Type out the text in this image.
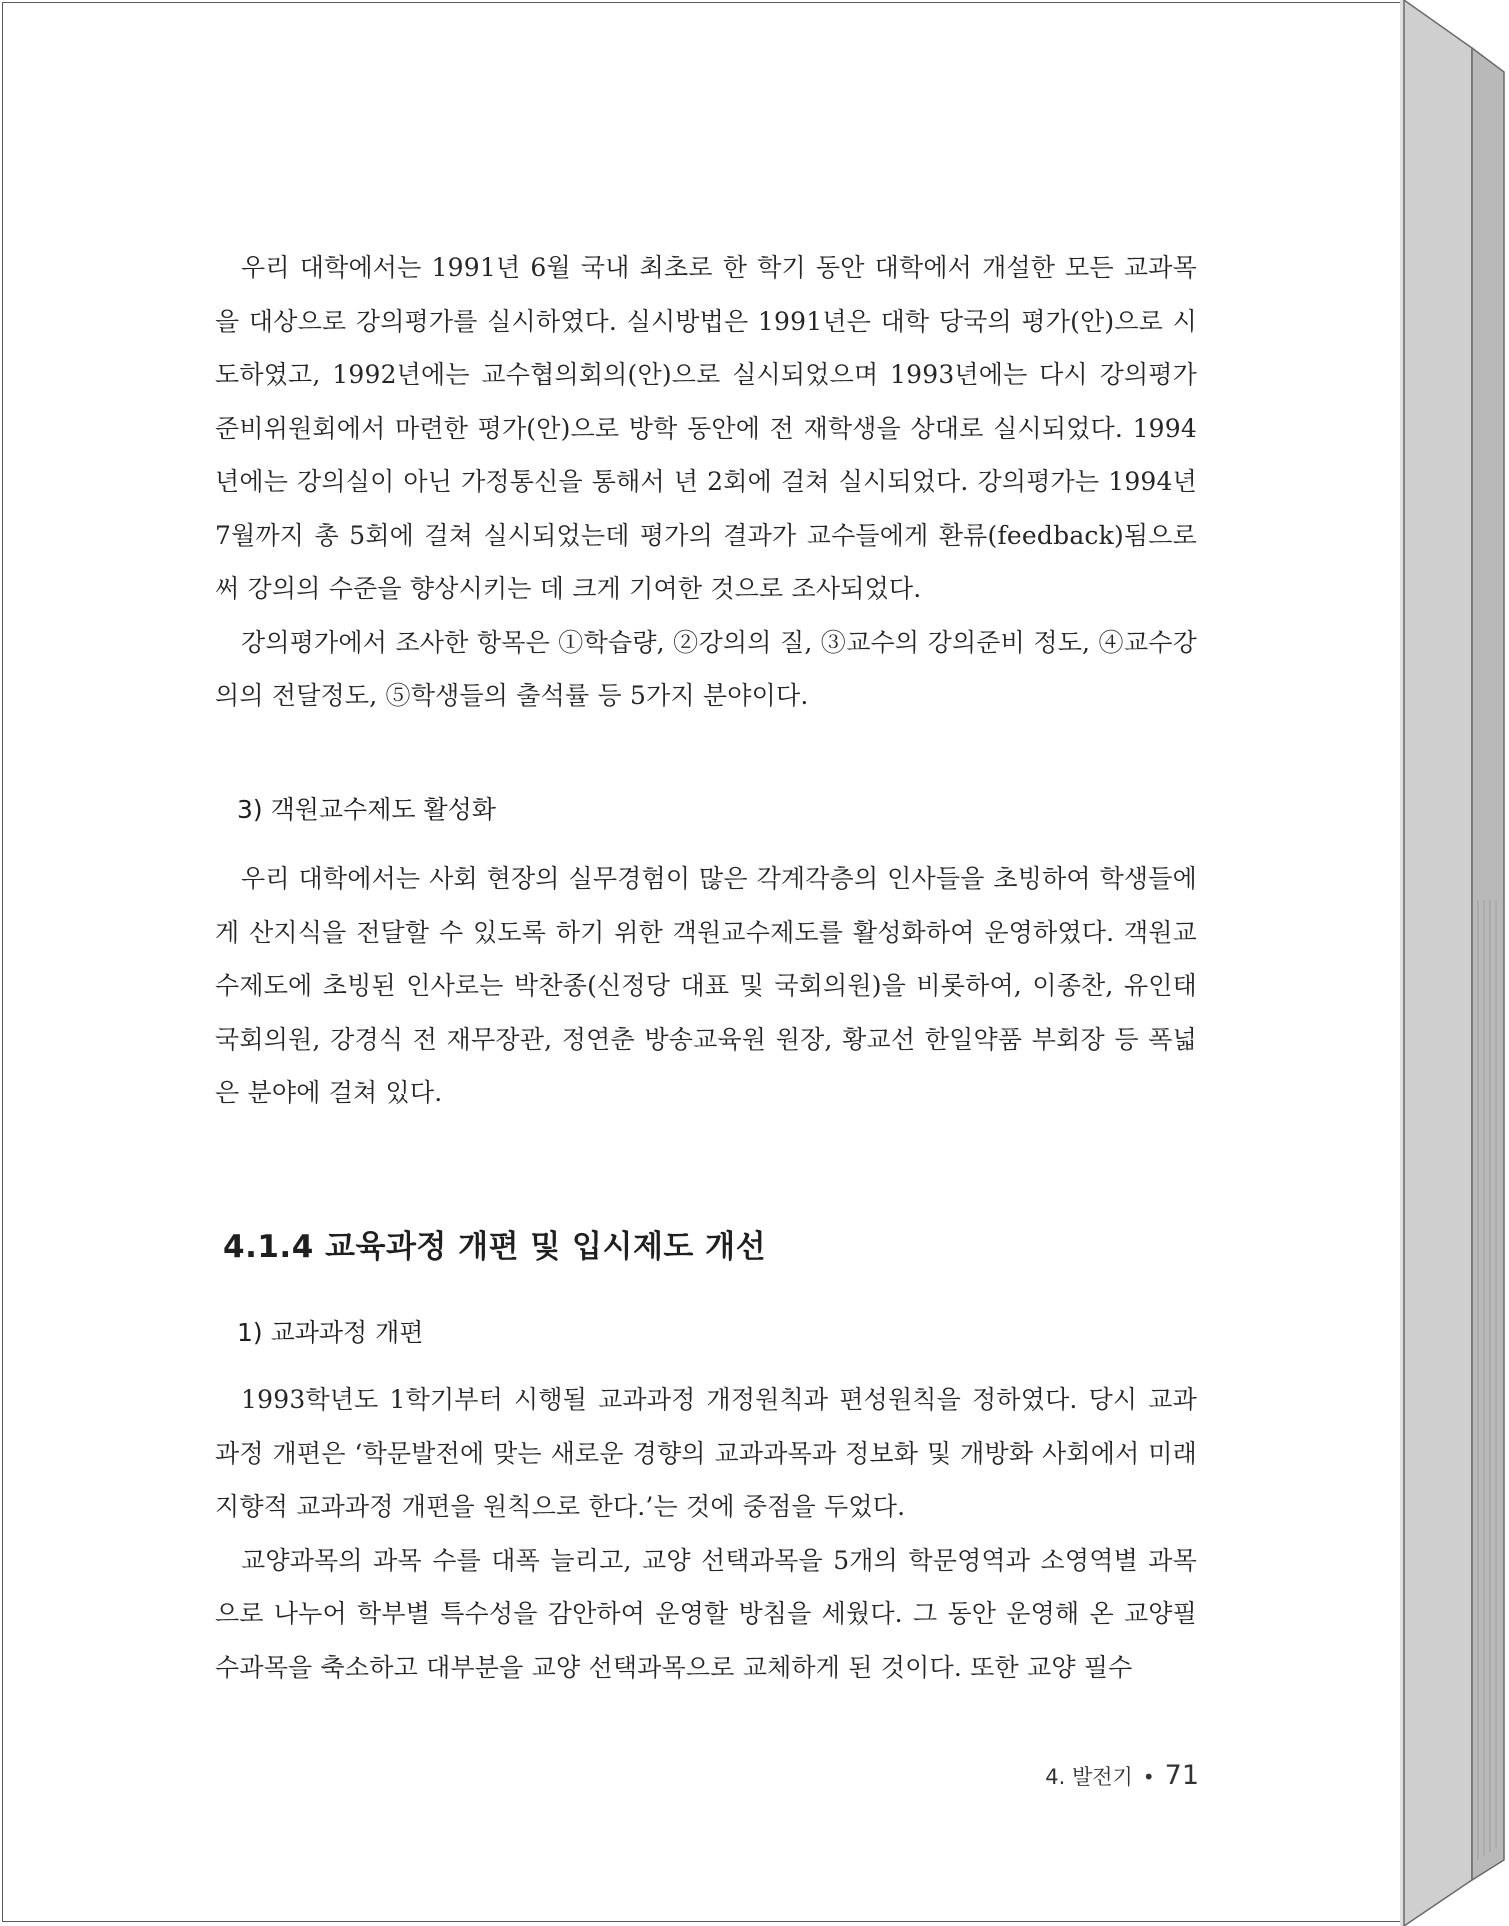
우리 대학에서는 1991년 6월 국내 최초로 한 학기 동안 대학에서 개설한 모든 교과목을 대상으로 강의평가를 실시하였다. 실시방법은 1991년은 대학 당국의 평가(안)으로 시도하였고, 1992년에는 교수협의회의(안)으로 실시되었으며 1993년에는 다시 강의평가준비위원회에서 마련한 평가(안)으로 방학 동안에 전 재학생을 상대로 실시되었다. 1994년에는 강의실이 아닌 가정통신을 통해서 년 2회에 걸쳐 실시되었다. 강의평가는 1994년 7월까지 총 5회에 걸쳐 실시되었는데 평가의 결과가 교수들에게 환류(feedback)됨으로써 강의의 수준을 향상시키는 데 크게 기여한 것으로 조사되었다.

강의평가에서 조사한 항목은 ①학습량, ②강의의 질, ③교수의 강의준비 정도, ④교수강의의 전달정도, ⑤학생들의 출석률 등 5가지 분야이다.

3) 객원교수제도 활성화

우리 대학에서는 사회 현장의 실무경험이 많은 각계각층의 인사들을 초빙하여 학생들에게 산지식을 전달할 수 있도록 하기 위한 객원교수제도를 활성화하여 운영하였다. 객원교수제도에 초빙된 인사로는 박찬종(신정당 대표 및 국회의원)을 비롯하여, 이종찬, 유인태 국회의원, 강경식 전 재무장관, 정연춘 방송교육원 원장, 황교선 한일약품 부회장 등 폭넓은 분야에 걸쳐 있다.

4.1.4 교육과정 개편 및 입시제도 개선
1) 교과과정 개편

1993학년도 1학기부터 시행될 교과과정 개정원칙과 편성원칙을 정하였다. 당시 교과과정 개편은 ‘학문발전에 맞는 새로운 경향의 교과과목과 정보화 및 개방화 사회에서 미래지향적 교과과정 개편을 원칙으로 한다.’는 것에 중점을 두었다.

교양과목의 과목 수를 대폭 늘리고, 교양 선택과목을 5개의 학문영역과 소영역별 과목으로 나누어 학부별 특수성을 감안하여 운영할 방침을 세웠다. 그 동안 운영해 온 교양필수과목을 축소하고 대부분을 교양 선택과목으로 교체하게 된 것이다. 또한 교양 필수

4. 발전기 • 71
